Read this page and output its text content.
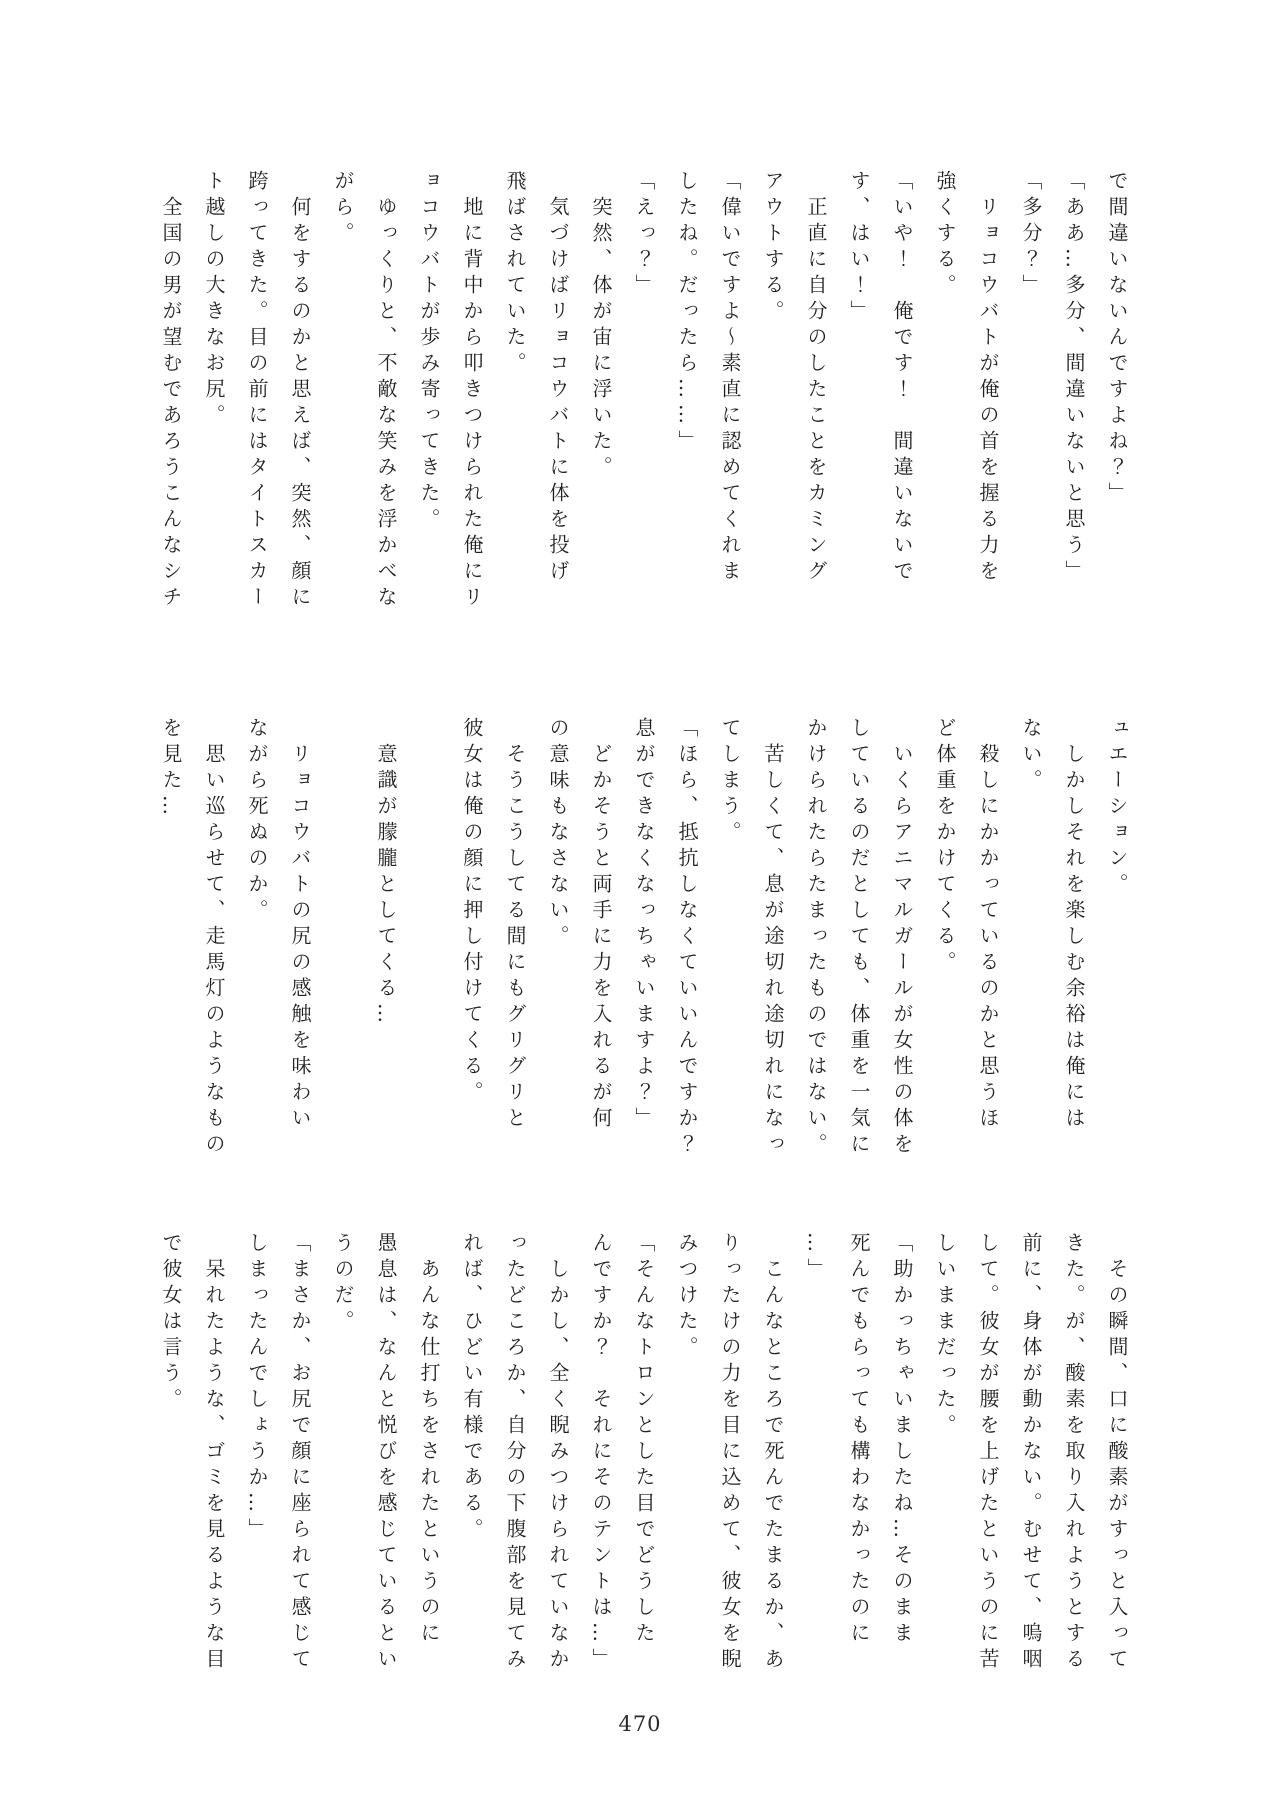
で間違いないんですよね？」

「ああ…多分、間違いないと思う」

「多分？」

リョコウバトが俺の首を握る力を

強くする。

「いや！　俺です！　間違いないで

す、はい！」

正直に自分のしたことをカミング

アウトする。

「偉いですよ～素直に認めてくれま

したね。だったら……」

「えっ？」

突然、体が宙に浮いた。

気づけばリョコウバトに体を投げ

飛ばされていた。

地に背中から叩きつけられた俺にリ

ョコウバトが歩み寄ってきた。

ゆっくりと、不敵な笑みを浮かべな

がら。

何をするのかと思えば、突然、顔に

跨ってきた。目の前にはタイトスカー

ト越しの大きなお尻。

全国の男が望むであろうこんなシチ

ュエーション。

しかしそれを楽しむ余裕は俺には

ない。

殺しにかかっているのかと思うほ

ど体重をかけてくる。

いくらアニマルガールが女性の体を

しているのだとしても、体重を一気に

かけられたらたまったものではない。

苦しくて、息が途切れ途切れになっ

てしまう。

「ほら、抵抗しなくていいんですか？

息ができなくなっちゃいますよ？」

どかそうと両手に力を入れるが何

の意味もなさない。

そうこうしてる間にもグリグリと

彼女は俺の顔に押し付けてくる。

意識が朦朧としてくる…

リョコウバトの尻の感触を味わい

ながら死ぬのか。

思い巡らせて、走馬灯のようなもの

を見た…

その瞬間、口に酸素がすっと入って

きた。が、酸素を取り入れようとする

前に、身体が動かない。むせて、嗚咽

して。彼女が腰を上げたというのに苦

しいままだった。

「助かっちゃいましたね…そのまま

死んでもらっても構わなかったのに

…」

こんなところで死んでたまるか、あ

りったけの力を目に込めて、彼女を睨

みつけた。

「そんなトロンとした目でどうした

んですか？　それにそのテントは…」

しかし、全く睨みつけられていなか

ったどころか、自分の下腹部を見てみ

れば、ひどい有様である。

あんな仕打ちをされたというのに

愚息は、なんと悦びを感じているとい

うのだ。

「まさか、お尻で顔に座られて感じて

しまったんでしょうか…」

呆れたような、ゴミを見るような目

で彼女は言う。

470
